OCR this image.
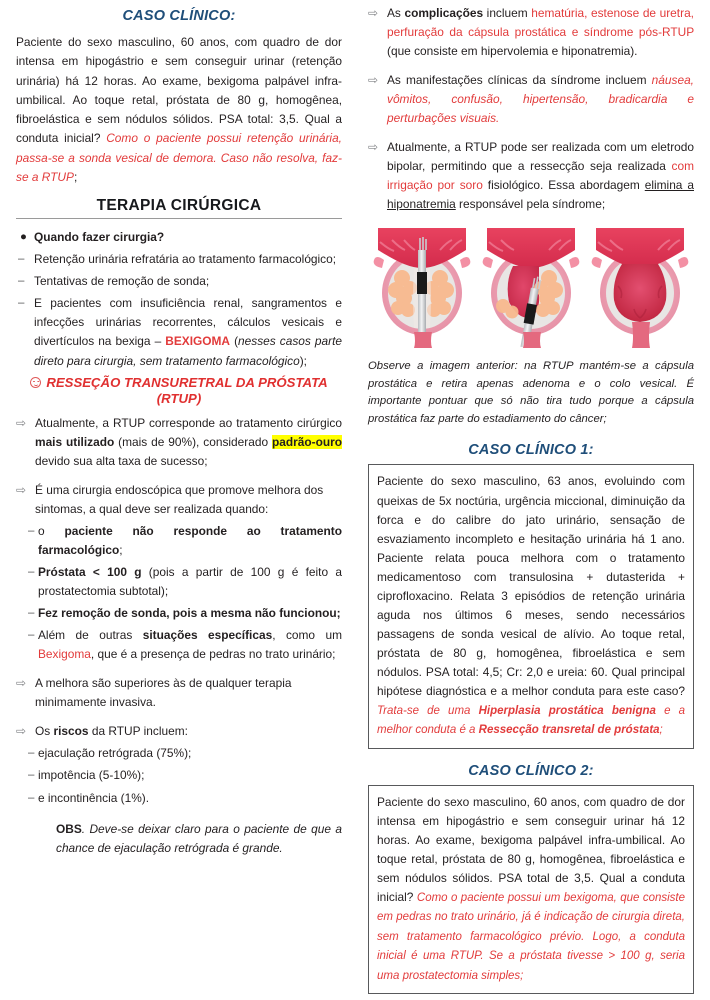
CASO CLÍNICO:

Paciente do sexo masculino, 60 anos, com quadro de dor intensa em hipogástrio e sem conseguir urinar (retenção urinária) há 12 horas. Ao exame, bexigoma palpável infra-umbilical. Ao toque retal, próstata de 80 g, homogênea, fibroelástica e sem nódulos sólidos. PSA total: 3,5. Qual a conduta inicial? Como o paciente possui retenção urinária, passa-se a sonda vesical de demora. Caso não resolva, faz-se a RTUP;

TERAPIA CIRÚRGICA
● Quando fazer cirurgia?
– Retenção urinária refratária ao tratamento farmacológico;
– Tentativas de remoção de sonda;
– E pacientes com insuficiência renal, sangramentos e infecções urinárias recorrentes, cálculos vesicais e divertículos na bexiga – BEXIGOMA (nesses casos parte direto para cirurgia, sem tratamento farmacológico);
RESSEÇÃO TRANSURETRAL DA PRÓSTATA
(RTUP)
⇨ Atualmente, a RTUP corresponde ao tratamento cirúrgico mais utilizado (mais de 90%), considerado padrão-ouro devido sua alta taxa de sucesso;
⇨ É uma cirurgia endoscópica que promove melhora dos sintomas, a qual deve ser realizada quando:
– o paciente não responde ao tratamento farmacológico;
– Próstata < 100 g (pois a partir de 100 g é feito a prostatectomia subtotal);
– Fez remoção de sonda, pois a mesma não funcionou;
– Além de outras situações específicas, como um Bexigoma, que é a presença de pedras no trato urinário;
⇨ A melhora são superiores às de qualquer terapia minimamente invasiva.
⇨ Os riscos da RTUP incluem:
– ejaculação retrógrada (75%);
– impotência (5-10%);
– e incontinência (1%).
OBS. Deve-se deixar claro para o paciente de que a chance de ejaculação retrógrada é grande.
⇨ As complicações incluem hematúria, estenose de uretra, perfuração da cápsula prostática e síndrome pós-RTUP (que consiste em hipervolemia e hiponatremia).
⇨ As manifestações clínicas da síndrome incluem náusea, vômitos, confusão, hipertensão, bradicardia e perturbações visuais.
⇨ Atualmente, a RTUP pode ser realizada com um eletrodo bipolar, permitindo que a ressecção seja realizada com irrigação por soro fisiológico. Essa abordagem elimina a hiponatremia responsável pela síndrome;

Observe a imagem anterior: na RTUP mantém-se a cápsula prostática e retira apenas adenoma e o colo vesical. É importante pontuar que só não tira tudo porque a cápsula prostática faz parte do estadiamento do câncer;

CASO CLÍNICO 1:

Paciente do sexo masculino, 63 anos, evoluindo com queixas de 5x noctúria, urgência miccional, diminuição da forca e do calibre do jato urinário, sensação de esvaziamento incompleto e hesitação urinária há 1 ano. Paciente relata pouca melhora com o tratamento medicamentoso com transulosina + dutasterida + ciprofloxacino. Relata 3 episódios de retenção urinária aguda nos últimos 6 meses, sendo necessários passagens de sonda vesical de alívio. Ao toque retal, próstata de 80 g, homogênea, fibroelástica e sem nódulos. PSA total: 4,5; Cr: 2,0 e ureia: 60. Qual principal hipótese diagnóstica e a melhor conduta para este caso? Trata-se de uma Hiperplasia prostática benigna e a melhor conduta é a Ressecção transretal de próstata;

CASO CLÍNICO 2:

Paciente do sexo masculino, 60 anos, com quadro de dor intensa em hipogástrio e sem conseguir urinar há 12 horas. Ao exame, bexigoma palpável infra-umbilical. Ao toque retal, próstata de 80 g, homogênea, fibroelástica e sem nódulos sólidos. PSA total de 3,5. Qual a conduta inicial? Como o paciente possui um bexigoma, que consiste em pedras no trato urinário, já é indicação de cirurgia direta, sem tratamento farmacológico prévio. Logo, a conduta inicial é uma RTUP. Se a próstata tivesse > 100 g, seria uma prostatectomia simples;
